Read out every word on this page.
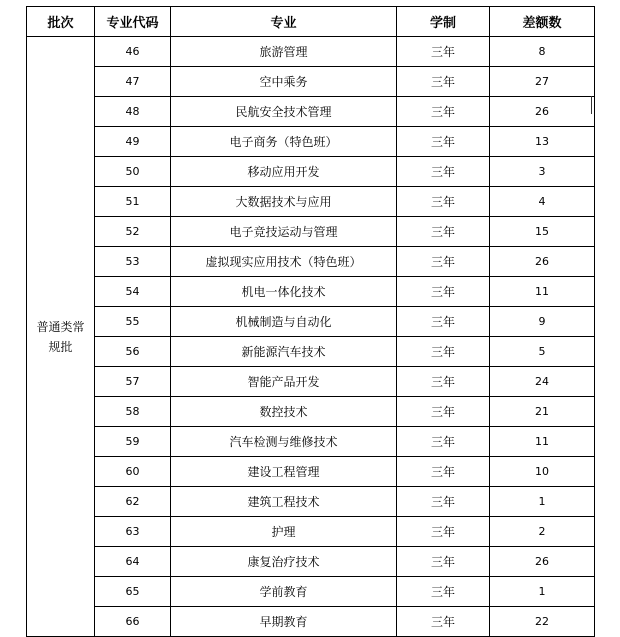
批次	专业代码	专业	学制	差额数
普通类常规批	46	旅游管理	三年	8
	47	空中乘务	三年	27
	48	民航安全技术管理	三年	26
	49	电子商务（特色班）	三年	13
	50	移动应用开发	三年	3
	51	大数据技术与应用	三年	4
	52	电子竞技运动与管理	三年	15
	53	虚拟现实应用技术（特色班）	三年	26
	54	机电一体化技术	三年	11
	55	机械制造与自动化	三年	9
	56	新能源汽车技术	三年	5
	57	智能产品开发	三年	24
	58	数控技术	三年	21
	59	汽车检测与维修技术	三年	11
	60	建设工程管理	三年	10
	62	建筑工程技术	三年	1
	63	护理	三年	2
	64	康复治疗技术	三年	26
	65	学前教育	三年	1
	66	早期教育	三年	22
